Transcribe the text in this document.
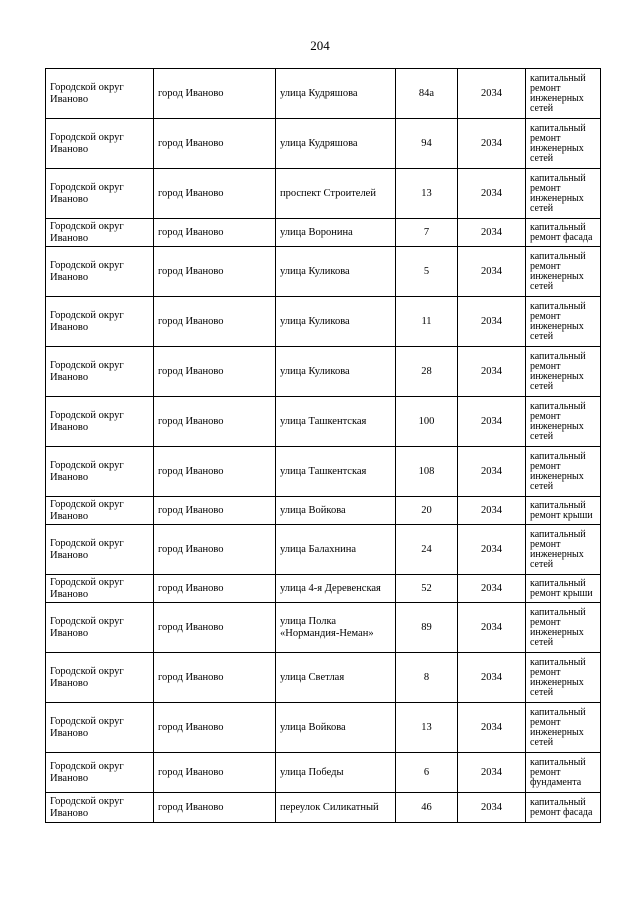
204
Городской округ Иваново	город Иваново	улица Кудряшова	84а	2034	капитальный ремонт инженерных сетей
Городской округ Иваново	город Иваново	улица Кудряшова	94	2034	капитальный ремонт инженерных сетей
Городской округ Иваново	город Иваново	проспект Строителей	13	2034	капитальный ремонт инженерных сетей
Городской округ Иваново	город Иваново	улица Воронина	7	2034	капитальный ремонт фасада
Городской округ Иваново	город Иваново	улица Куликова	5	2034	капитальный ремонт инженерных сетей
Городской округ Иваново	город Иваново	улица Куликова	11	2034	капитальный ремонт инженерных сетей
Городской округ Иваново	город Иваново	улица Куликова	28	2034	капитальный ремонт инженерных сетей
Городской округ Иваново	город Иваново	улица Ташкентская	100	2034	капитальный ремонт инженерных сетей
Городской округ Иваново	город Иваново	улица Ташкентская	108	2034	капитальный ремонт инженерных сетей
Городской округ Иваново	город Иваново	улица Войкова	20	2034	капитальный ремонт крыши
Городской округ Иваново	город Иваново	улица Балахнина	24	2034	капитальный ремонт инженерных сетей
Городской округ Иваново	город Иваново	улица 4-я Деревенская	52	2034	капитальный ремонт крыши
Городской округ Иваново	город Иваново	улица Полка «Нормандия-Неман»	89	2034	капитальный ремонт инженерных сетей
Городской округ Иваново	город Иваново	улица Светлая	8	2034	капитальный ремонт инженерных сетей
Городской округ Иваново	город Иваново	улица Войкова	13	2034	капитальный ремонт инженерных сетей
Городской округ Иваново	город Иваново	улица Победы	6	2034	капитальный ремонт фундамента
Городской округ Иваново	город Иваново	переулок Силикатный	46	2034	капитальный ремонт фасада
